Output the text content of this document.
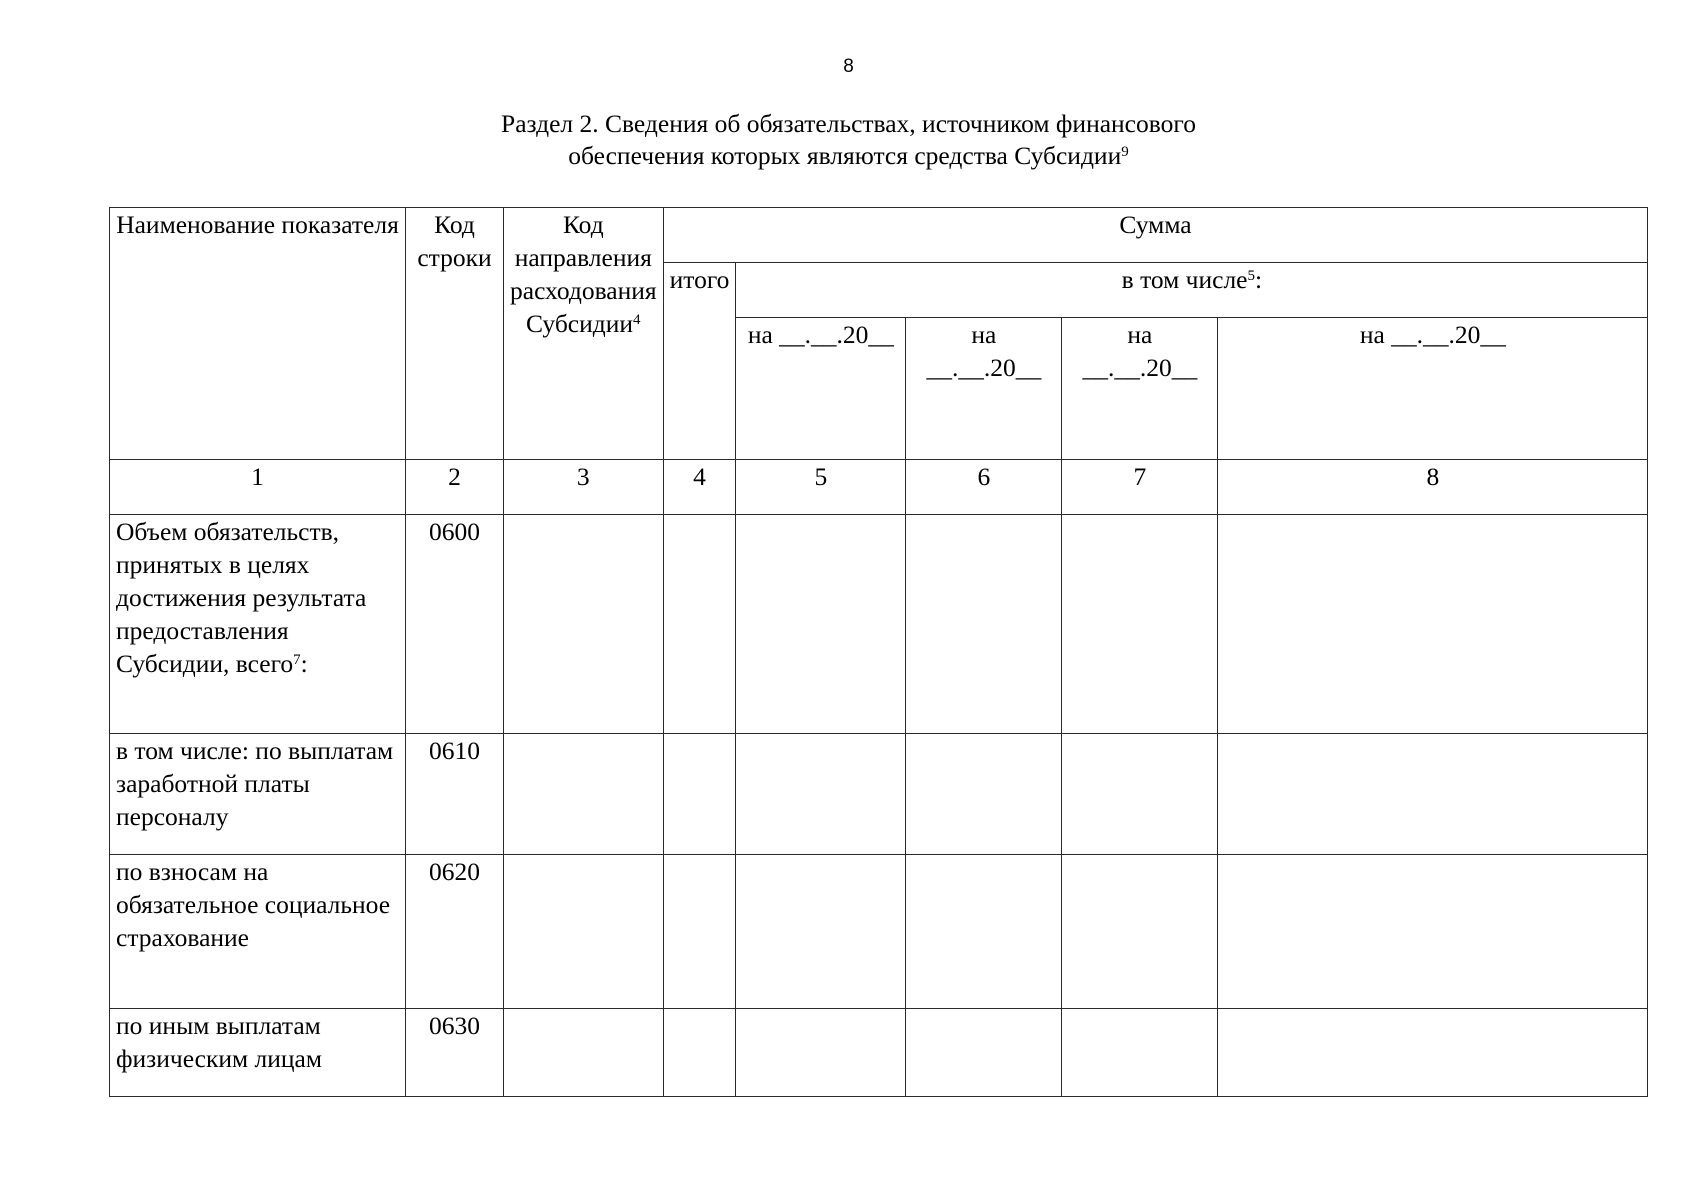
8
Раздел 2. Сведения об обязательствах, источником финансового
обеспечения которых являются средства Субсидии$^9$
Наименование показателя	Код строки	Код направления расходования Субсидии$^4$	Сумма				
			итого	в том числе$^5$:			
				на __.__.20__	на __.__.20__	на __.__.20__	на __.__.20__
1	2	3	4	5	6	7	8
Объем обязательств, принятых в целях достижения результата предоставления Субсидии, всего$^7$:	0600						
в том числе: по выплатам заработной платы персоналу	0610						
по взносам на обязательное социальное страхование	0620						
по иным выплатам физическим лицам	0630						
